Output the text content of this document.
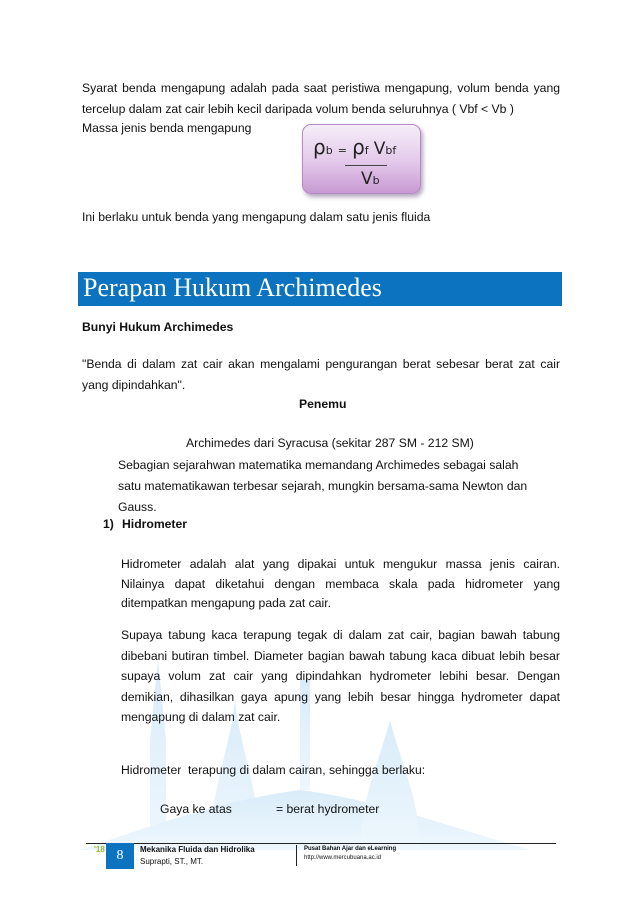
Syarat benda mengapung adalah pada saat peristiwa mengapung, volum benda yang tercelup dalam zat cair lebih kecil daripada volum benda seluruhnya ( Vbf < Vb )
Massa jenis benda mengapung
ρb = ρf Vbf
Vb
Ini berlaku untuk benda yang mengapung dalam satu jenis fluida
Perapan Hukum Archimedes
Bunyi Hukum Archimedes
"Benda di dalam zat cair akan mengalami pengurangan berat sebesar berat zat cair yang dipindahkan".
Penemu
Archimedes dari Syracusa (sekitar 287 SM - 212 SM)
Sebagian sejarahwan matematika memandang Archimedes sebagai salah satu matematikawan terbesar sejarah, mungkin bersama-sama Newton dan Gauss.
1) Hidrometer
Hidrometer adalah alat yang dipakai untuk mengukur massa jenis cairan. Nilainya dapat diketahui dengan membaca skala pada hidrometer yang ditempatkan mengapung pada zat cair.
Supaya tabung kaca terapung tegak di dalam zat cair, bagian bawah tabung dibebani butiran timbel. Diameter bagian bawah tabung kaca dibuat lebih besar supaya volum zat cair yang dipindahkan hydrometer lebihi besar. Dengan demikian, dihasilkan gaya apung yang lebih besar hingga hydrometer dapat mengapung di dalam zat cair.
Hidrometer  terapung di dalam cairan, sehingga berlaku:
Gaya ke atas	= berat hydrometer
'18 8	Mekanika Fluida dan Hidrolika
Suprapti, ST., MT.
Pusat Bahan Ajar dan eLearning
http://www.mercubuana.ac.id
